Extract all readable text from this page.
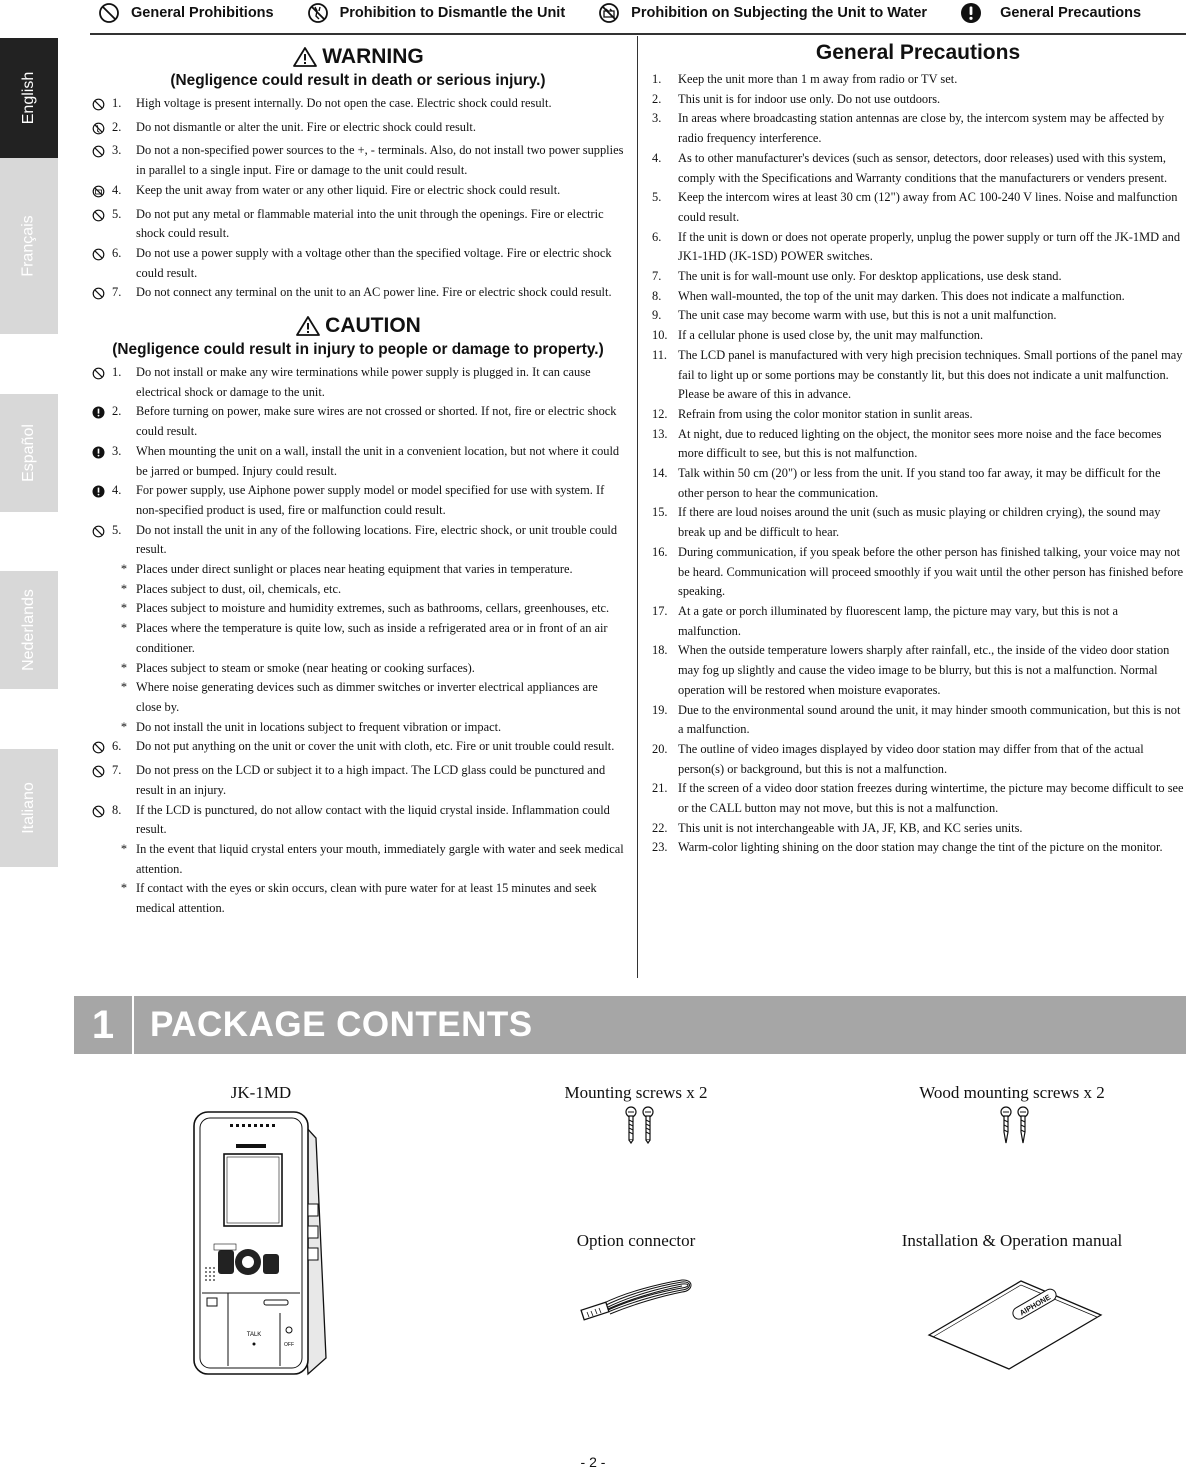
General Prohibitions	Prohibition to Dismantle the Unit	Prohibition on Subjecting the Unit to Water	General Precautions
English
Français
Español
Nederlands
Italiano
WARNING
(Negligence could result in death or serious injury.)
1.	High voltage is present internally. Do not open the case. Electric shock could result.
2.	Do not dismantle or alter the unit. Fire or electric shock could result.
3.	Do not a non-specified power sources to the +, - terminals. Also, do not install two power supplies in parallel to a single input. Fire or damage to the unit could result.
4.	Keep the unit away from water or any other liquid. Fire or electric shock could result.
5.	Do not put any metal or flammable material into the unit through the openings. Fire or electric shock could result.
6.	Do not use a power supply with a voltage other than the specified voltage. Fire or electric shock could result.
7.	Do not connect any terminal on the unit to an AC power line. Fire or electric shock could result.
CAUTION
(Negligence could result in injury to people or damage to property.)
1.	Do not install or make any wire terminations while power supply is plugged in. It can cause electrical shock or damage to the unit.
2.	Before turning on power, make sure wires are not crossed or shorted. If not, fire or electric shock could result.
3.	When mounting the unit on a wall, install the unit in a convenient location, but not where it could be jarred or bumped. Injury could result.
4.	For power supply, use Aiphone power supply model or model specified for use with system. If non-specified product is used, fire or malfunction could result.
5.	Do not install the unit in any of the following locations. Fire, electric shock, or unit trouble could result.
* Places under direct sunlight or places near heating equipment that varies in temperature.
* Places subject to dust, oil, chemicals, etc.
* Places subject to moisture and humidity extremes, such as bathrooms, cellars, greenhouses, etc.
* Places where the temperature is quite low, such as inside a refrigerated area or in front of an air conditioner.
* Places subject to steam or smoke (near heating or cooking surfaces).
* Where noise generating devices such as dimmer switches or inverter electrical appliances are close by.
* Do not install the unit in locations subject to frequent vibration or impact.
6.	Do not put anything on the unit or cover the unit with cloth, etc. Fire or unit trouble could result.
7.	Do not press on the LCD or subject it to a high impact. The LCD glass could be punctured and result in an injury.
8.	If the LCD is punctured, do not allow contact with the liquid crystal inside. Inflammation could result.
* In the event that liquid crystal enters your mouth, immediately gargle with water and seek medical attention.
* If contact with the eyes or skin occurs, clean with pure water for at least 15 minutes and seek medical attention.
General Precautions
1.	Keep the unit more than 1 m away from radio or TV set.
2.	This unit is for indoor use only. Do not use outdoors.
3.	In areas where broadcasting station antennas are close by, the intercom system may be affected by radio frequency interference.
4.	As to other manufacturer's devices (such as sensor, detectors, door releases) used with this system, comply with the Specifications and Warranty conditions that the manufacturers or venders present.
5.	Keep the intercom wires at least 30 cm (12") away from AC 100-240 V lines. Noise and malfunction could result.
6.	If the unit is down or does not operate properly, unplug the power supply or turn off the JK-1MD and JK1-1HD (JK-1SD) POWER switches.
7.	The unit is for wall-mount use only. For desktop applications, use desk stand.
8.	When wall-mounted, the top of the unit may darken. This does not indicate a malfunction.
9.	The unit case may become warm with use, but this is not a unit malfunction.
10. If a cellular phone is used close by, the unit may malfunction.
11. The LCD panel is manufactured with very high precision techniques. Small portions of the panel may fail to light up or some portions may be constantly lit, but this does not indicate a unit malfunction. Please be aware of this in advance.
12. Refrain from using the color monitor station in sunlit areas.
13. At night, due to reduced lighting on the object, the monitor sees more noise and the face becomes more difficult to see, but this is not malfunction.
14. Talk within 50 cm (20") or less from the unit. If you stand too far away, it may be difficult for the other person to hear the communication.
15. If there are loud noises around the unit (such as music playing or children crying), the sound may break up and be difficult to hear.
16. During communication, if you speak before the other person has finished talking, your voice may not be heard. Communication will proceed smoothly if you wait until the other person has finished before speaking.
17. At a gate or porch illuminated by fluorescent lamp, the picture may vary, but this is not a malfunction.
18. When the outside temperature lowers sharply after rainfall, etc., the inside of the video door station may fog up slightly and cause the video image to be blurry, but this is not a malfunction. Normal operation will be restored when moisture evaporates.
19. Due to the environmental sound around the unit, it may hinder smooth communication, but this is not a malfunction.
20. The outline of video images displayed by video door station may differ from that of the actual person(s) or background, but this is not a malfunction.
21. If the screen of a video door station freezes during wintertime, the picture may become difficult to see or the CALL button may not move, but this is not a malfunction.
22. This unit is not interchangeable with JA, JF, KB, and KC series units.
23. Warm-color lighting shining on the door station may change the tint of the picture on the monitor.
1	PACKAGE CONTENTS
JK-1MD	Mounting screws x 2	Wood mounting screws x 2
Option connector	Installation & Operation manual
TALK
OFF
AIPHONE
- 2 -
